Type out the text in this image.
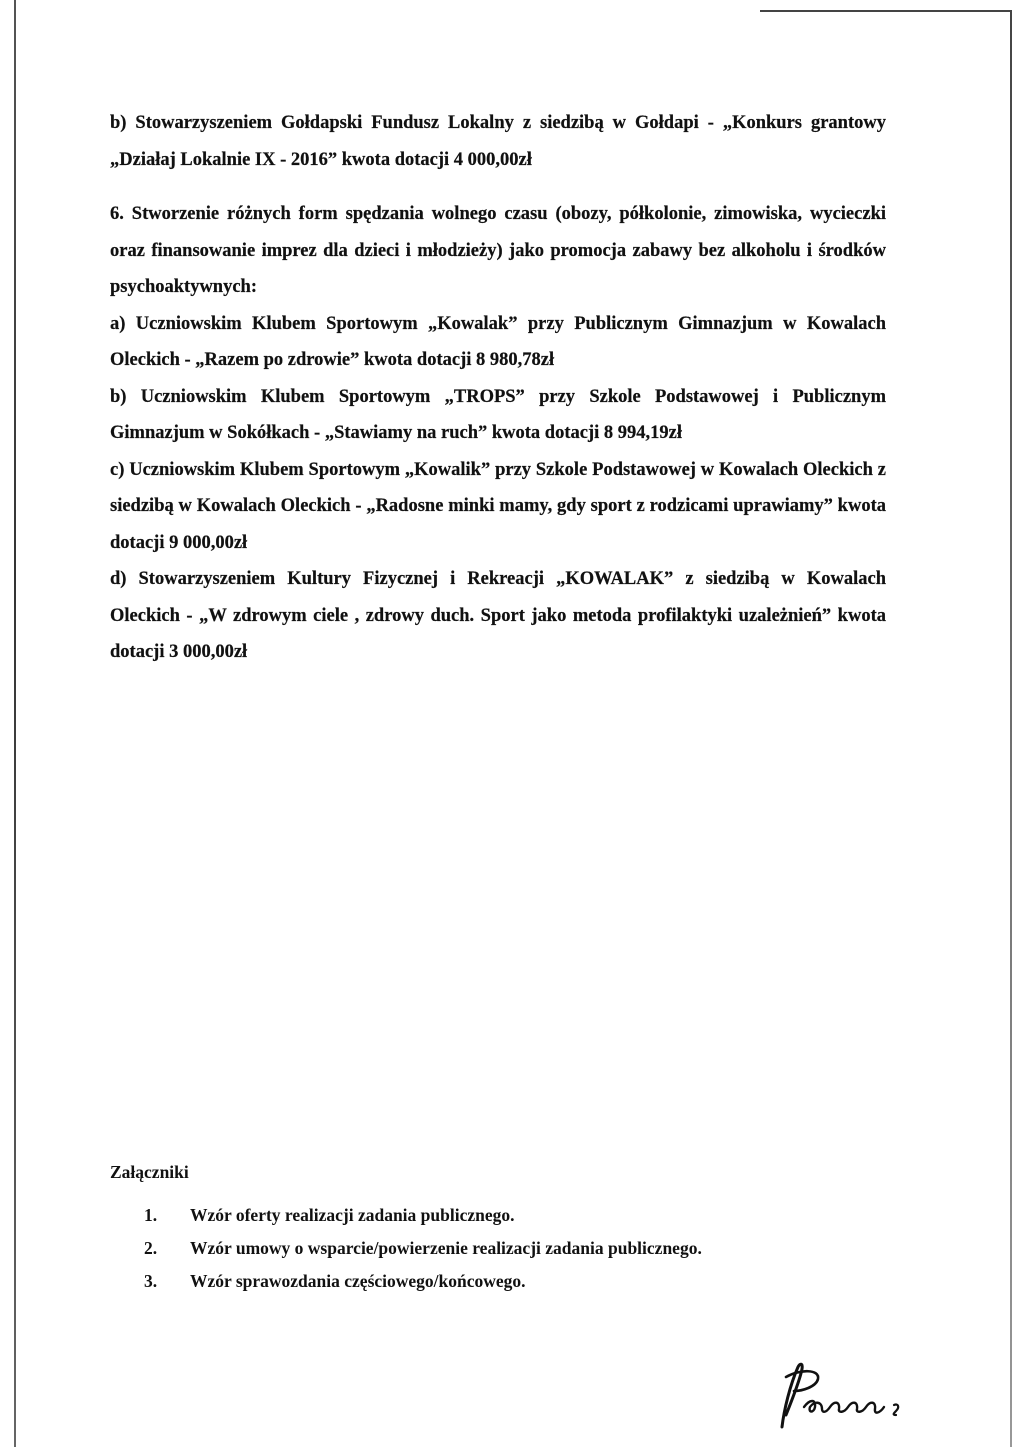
b) Stowarzyszeniem Gołdapski Fundusz Lokalny z siedzibą w Gołdapi - „Konkurs grantowy „Działaj Lokalnie IX - 2016” kwota dotacji 4 000,00zł

6. Stworzenie różnych form spędzania wolnego czasu (obozy, półkolonie, zimowiska, wycieczki oraz finansowanie imprez dla dzieci i młodzieży) jako promocja zabawy bez alkoholu i środków psychoaktywnych:

a) Uczniowskim Klubem Sportowym „Kowalak” przy Publicznym Gimnazjum w Kowalach Oleckich - „Razem po zdrowie” kwota dotacji 8 980,78zł

b) Uczniowskim Klubem Sportowym „TROPS” przy Szkole Podstawowej i Publicznym Gimnazjum w Sokółkach - „Stawiamy na ruch” kwota dotacji 8 994,19zł

c) Uczniowskim Klubem Sportowym „Kowalik” przy Szkole Podstawowej w Kowalach Oleckich z siedzibą w Kowalach Oleckich - „Radosne minki mamy, gdy sport z rodzicami uprawiamy” kwota dotacji 9 000,00zł

d) Stowarzyszeniem Kultury Fizycznej i Rekreacji „KOWALAK” z siedzibą w Kowalach Oleckich - „W zdrowym ciele , zdrowy duch. Sport jako metoda profilaktyki uzależnień” kwota dotacji 3 000,00zł

Załączniki
1.	Wzór oferty realizacji zadania publicznego.
2.	Wzór umowy o wsparcie/powierzenie realizacji zadania publicznego.
3.	Wzór sprawozdania częściowego/końcowego.
